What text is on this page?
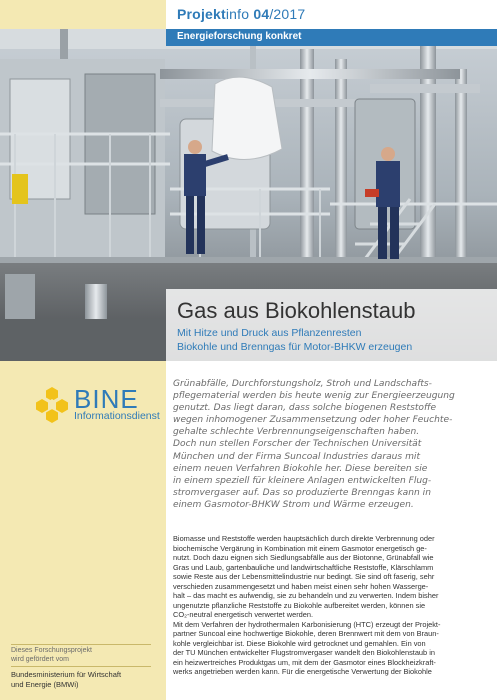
Projektinfo 04/2017
Energieforschung konkret
Gas aus Biokohlenstaub
Mit Hitze und Druck aus Pflanzenresten
Biokohle und Brenngas für Motor-BHKW erzeugen
BINE
Informationsdienst
Grünabfälle, Durchforstungsholz, Stroh und Landschafts-
pflegematerial werden bis heute wenig zur Energieerzeugung
genutzt. Das liegt daran, dass solche biogenen Reststoffe
wegen inhomogener Zusammensetzung oder hoher Feuchte-
gehalte schlechte Verbrennungseigenschaften haben.
Doch nun stellen Forscher der Technischen Universität
München und der Firma Suncoal Industries daraus mit
einem neuen Verfahren Biokohle her. Diese bereiten sie
in einem speziell für kleinere Anlagen entwickelten Flug-
stromvergaser auf. Das so produzierte Brenngas kann in
einem Gasmotor-BHKW Strom und Wärme erzeugen.
Biomasse und Reststoffe werden hauptsächlich durch direkte Verbrennung oder
biochemische Vergärung in Kombination mit einem Gasmotor energetisch ge-
nutzt. Doch dazu eignen sich Siedlungsabfälle aus der Biotonne, Grünabfall wie
Gras und Laub, gartenbauliche und landwirtschaftliche Reststoffe, Klärschlamm
sowie Reste aus der Lebensmittelindustrie nur bedingt. Sie sind oft faserig, sehr
verschieden zusammengesetzt und haben meist einen sehr hohen Wasserge-
halt – das macht es aufwendig, sie zu behandeln und zu verwerten. Indem bisher
ungenutzte pflanzliche Reststoffe zu Biokohle aufbereitet werden, können sie
CO₂-neutral energetisch verwertet werden.
Mit dem Verfahren der hydrothermalen Karbonisierung (HTC) erzeugt der Projekt-
partner Suncoal eine hochwertige Biokohle, deren Brennwert mit dem von Braun-
kohle vergleichbar ist. Diese Biokohle wird getrocknet und gemahlen. Ein von
der TU München entwickelter Flugstromvergaser wandelt den Biokohlenstaub in
ein heizwertreiches Produktgas um, mit dem der Gasmotor eines Blockheizkraft-
werks angetrieben werden kann. Für die energetische Verwertung der Biokohle
Dieses Forschungsprojekt
wird gefördert vom
Bundesministerium für Wirtschaft
und Energie (BMWi)
